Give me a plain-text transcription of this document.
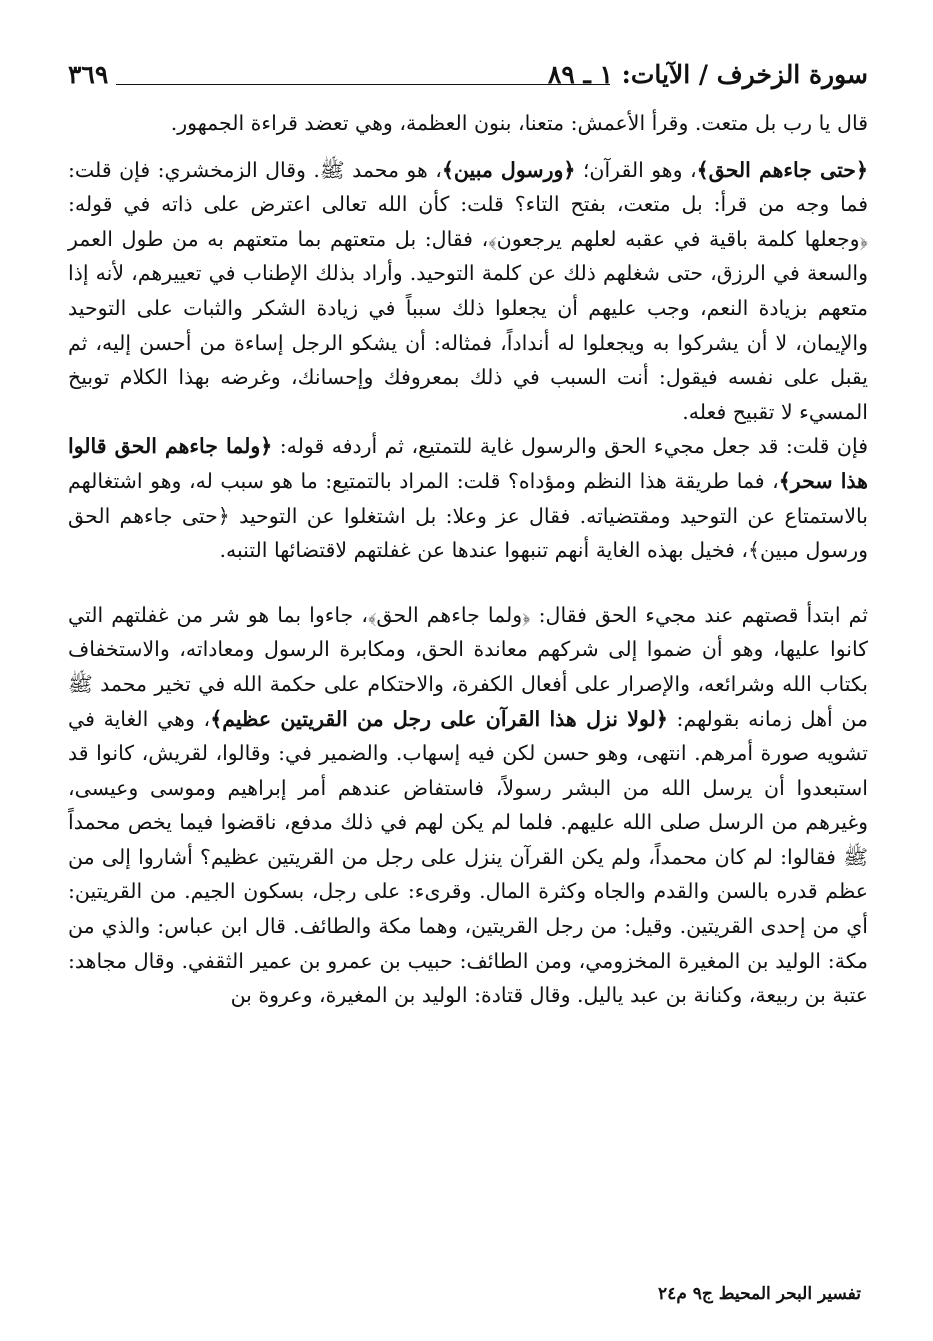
سورة الزخرف / الآيات: ١ ـ ٨٩
٣٦٩

قال يا رب بل متعت. وقرأ الأعمش: متعنا، بنون العظمة، وهي تعضد قراءة الجمهور.

﴿حتى جاءهم الحق﴾، وهو القرآن؛ ﴿ورسول مبين﴾، هو محمد ﷺ. وقال الزمخشري: فإن قلت: فما وجه من قرأ: بل متعت، بفتح التاء؟ قلت: كأن الله تعالى اعترض على ذاته في قوله: ﴿وجعلها كلمة باقية في عقبه لعلهم يرجعون﴾، فقال: بل متعتهم بما متعتهم به من طول العمر والسعة في الرزق، حتى شغلهم ذلك عن كلمة التوحيد. وأراد بذلك الإطناب في تعييرهم، لأنه إذا متعهم بزيادة النعم، وجب عليهم أن يجعلوا ذلك سبباً في زيادة الشكر والثبات على التوحيد والإيمان، لا أن يشركوا به ويجعلوا له أنداداً، فمثاله: أن يشكو الرجل إساءة من أحسن إليه، ثم يقبل على نفسه فيقول: أنت السبب في ذلك بمعروفك وإحسانك، وغرضه بهذا الكلام توبيخ المسيء لا تقبيح فعله.

فإن قلت: قد جعل مجيء الحق والرسول غاية للتمتيع، ثم أردفه قوله: ﴿ولما جاءهم الحق قالوا هذا سحر﴾، فما طريقة هذا النظم ومؤداه؟ قلت: المراد بالتمتيع: ما هو سبب له، وهو اشتغالهم بالاستمتاع عن التوحيد ومقتضياته. فقال عز وعلا: بل اشتغلوا عن التوحيد ﴿حتى جاءهم الحق ورسول مبين﴾، فخيل بهذه الغاية أنهم تنبهوا عندها عن غفلتهم لاقتضائها التنبه.

ثم ابتدأ قصتهم عند مجيء الحق فقال: ﴿ولما جاءهم الحق﴾، جاءوا بما هو شر من غفلتهم التي كانوا عليها، وهو أن ضموا إلى شركهم معاندة الحق، ومكابرة الرسول ومعاداته، والاستخفاف بكتاب الله وشرائعه، والإصرار على أفعال الكفرة، والاحتكام على حكمة الله في تخير محمد ﷺ من أهل زمانه بقولهم: ﴿لولا نزل هذا القرآن على رجل من القريتين عظيم﴾، وهي الغاية في تشويه صورة أمرهم. انتهى، وهو حسن لكن فيه إسهاب. والضمير في: وقالوا، لقريش، كانوا قد استبعدوا أن يرسل الله من البشر رسولاً، فاستفاض عندهم أمر إبراهيم وموسى وعيسى، وغيرهم من الرسل صلى الله عليهم. فلما لم يكن لهم في ذلك مدفع، ناقضوا فيما يخص محمداً ﷺ فقالوا: لم كان محمداً، ولم يكن القرآن ينزل على رجل من القريتين عظيم؟ أشاروا إلى من عظم قدره بالسن والقدم والجاه وكثرة المال. وقرىء: على رجل، بسكون الجيم. من القريتين: أي من إحدى القريتين. وقيل: من رجل القريتين، وهما مكة والطائف. قال ابن عباس: والذي من مكة: الوليد بن المغيرة المخزومي، ومن الطائف: حبيب بن عمرو بن عمير الثقفي. وقال مجاهد: عتبة بن ربيعة، وكنانة بن عبد ياليل. وقال قتادة: الوليد بن المغيرة، وعروة بن

تفسير البحر المحيط ج٩ م٢٤
